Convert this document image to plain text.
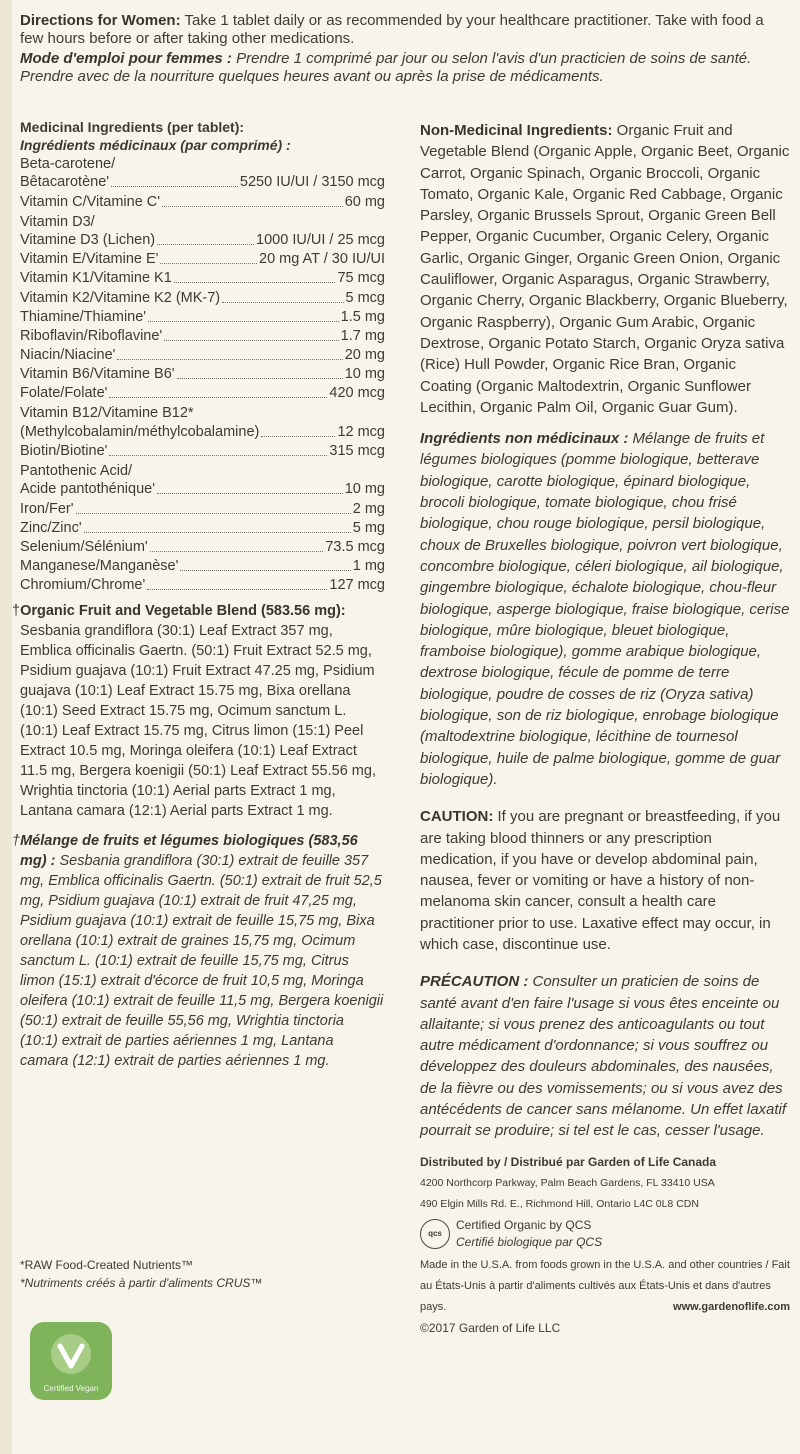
Directions for Women: Take 1 tablet daily or as recommended by your healthcare practitioner. Take with food a few hours before or after taking other medications.

Mode d'emploi pour femmes : Prendre 1 comprimé par jour ou selon l'avis d'un practicien de soins de santé. Prendre avec de la nourriture quelques heures avant ou après la prise de médicaments.

Medicinal Ingredients (per tablet):
Ingrédients médicinaux (par comprimé) :
Beta-carotene/
Bêtacarotène'	5250 IU/UI / 3150 mcg
Vitamin C/Vitamine C'	60 mg
Vitamin D3/
Vitamine D3 (Lichen)	1000 IU/UI / 25 mcg
Vitamin E/Vitamine E'	20 mg AT / 30 IU/UI
Vitamin K1/Vitamine K1	75 mcg
Vitamin K2/Vitamine K2 (MK-7)	5 mcg
Thiamine/Thiamine'	1.5 mg
Riboflavin/Riboflavine'	1.7 mg
Niacin/Niacine'	20 mg
Vitamin B6/Vitamine B6'	10 mg
Folate/Folate'	420 mcg
Vitamin B12/Vitamine B12*
(Methylcobalamin/méthylcobalamine)	12 mcg
Biotin/Biotine'	315 mcg
Pantothenic Acid/
Acide pantothénique'	10 mg
Iron/Fer'	2 mg
Zinc/Zinc'	5 mg
Selenium/Sélénium'	73.5 mcg
Manganese/Manganèse'	1 mg
Chromium/Chrome'	127 mcg

†Organic Fruit and Vegetable Blend (583.56 mg): Sesbania grandiflora (30:1) Leaf Extract 357 mg, Emblica officinalis Gaertn. (50:1) Fruit Extract 52.5 mg, Psidium guajava (10:1) Fruit Extract 47.25 mg, Psidium guajava (10:1) Leaf Extract 15.75 mg, Bixa orellana (10:1) Seed Extract 15.75 mg, Ocimum sanctum L. (10:1) Leaf Extract 15.75 mg, Citrus limon (15:1) Peel Extract 10.5 mg, Moringa oleifera (10:1) Leaf Extract 11.5 mg, Bergera koenigii (50:1) Leaf Extract 55.56 mg, Wrightia tinctoria (10:1) Aerial parts Extract 1 mg, Lantana camara (12:1) Aerial parts Extract 1 mg.

†Mélange de fruits et légumes biologiques (583,56 mg) : Sesbania grandiflora (30:1) extrait de feuille 357 mg, Emblica officinalis Gaertn. (50:1) extrait de fruit 52,5 mg, Psidium guajava (10:1) extrait de fruit 47,25 mg, Psidium guajava (10:1) extrait de feuille 15,75 mg, Bixa orellana (10:1) extrait de graines 15,75 mg, Ocimum sanctum L. (10:1) extrait de feuille 15,75 mg, Citrus limon (15:1) extrait d'écorce de fruit 10,5 mg, Moringa oleifera (10:1) extrait de feuille 11,5 mg, Bergera koenigii (50:1) extrait de feuille 55,56 mg, Wrightia tinctoria (10:1) extrait de parties aériennes 1 mg, Lantana camara (12:1) extrait de parties aériennes 1 mg.

*RAW Food-Created Nutrients™
*Nutriments créés à partir d'aliments CRUS™
Certified Vegan

Non-Medicinal Ingredients: Organic Fruit and Vegetable Blend (Organic Apple, Organic Beet, Organic Carrot, Organic Spinach, Organic Broccoli, Organic Tomato, Organic Kale, Organic Red Cabbage, Organic Parsley, Organic Brussels Sprout, Organic Green Bell Pepper, Organic Cucumber, Organic Celery, Organic Garlic, Organic Ginger, Organic Green Onion, Organic Cauliflower, Organic Asparagus, Organic Strawberry, Organic Cherry, Organic Blackberry, Organic Blueberry, Organic Raspberry), Organic Gum Arabic, Organic Dextrose, Organic Potato Starch, Organic Oryza sativa (Rice) Hull Powder, Organic Rice Bran, Organic Coating (Organic Maltodextrin, Organic Sunflower Lecithin, Organic Palm Oil, Organic Guar Gum).

Ingrédients non médicinaux : Mélange de fruits et légumes biologiques (pomme biologique, betterave biologique, carotte biologique, épinard biologique, brocoli biologique, tomate biologique, chou frisé biologique, chou rouge biologique, persil biologique, choux de Bruxelles biologique, poivron vert biologique, concombre biologique, céleri biologique, ail biologique, gingembre biologique, échalote biologique, chou-fleur biologique, asperge biologique, fraise biologique, cerise biologique, mûre biologique, bleuet biologique, framboise biologique), gomme arabique biologique, dextrose biologique, fécule de pomme de terre biologique, poudre de cosses de riz (Oryza sativa) biologique, son de riz biologique, enrobage biologique (maltodextrine biologique, lécithine de tournesol biologique, huile de palme biologique, gomme de guar biologique).

CAUTION: If you are pregnant or breastfeeding, if you are taking blood thinners or any prescription medication, if you have or develop abdominal pain, nausea, fever or vomiting or have a history of non-melanoma skin cancer, consult a health care practitioner prior to use. Laxative effect may occur, in which case, discontinue use.

PRÉCAUTION : Consulter un praticien de soins de santé avant d'en faire l'usage si vous êtes enceinte ou allaitante; si vous prenez des anticoagulants ou tout autre médicament d'ordonnance; si vous souffrez ou développez des douleurs abdominales, des nausées, de la fièvre ou des vomissements; ou si vous avez des antécédents de cancer sans mélanome. Un effet laxatif pourrait se produire; si tel est le cas, cesser l'usage.

Distributed by / Distribué par Garden of Life Canada
4200 Northcorp Parkway, Palm Beach Gardens, FL 33410 USA
490 Elgin Mills Rd. E., Richmond Hill, Ontario L4C 0L8 CDN
qcs
Certified Organic by QCS
Certifié biologique par QCS
Made in the U.S.A. from foods grown in the U.S.A. and other countries / Fait au États-Unis à partir d'aliments cultivés aux États-Unis et dans d'autres pays.	www.gardenoflife.com
©2017 Garden of Life LLC
